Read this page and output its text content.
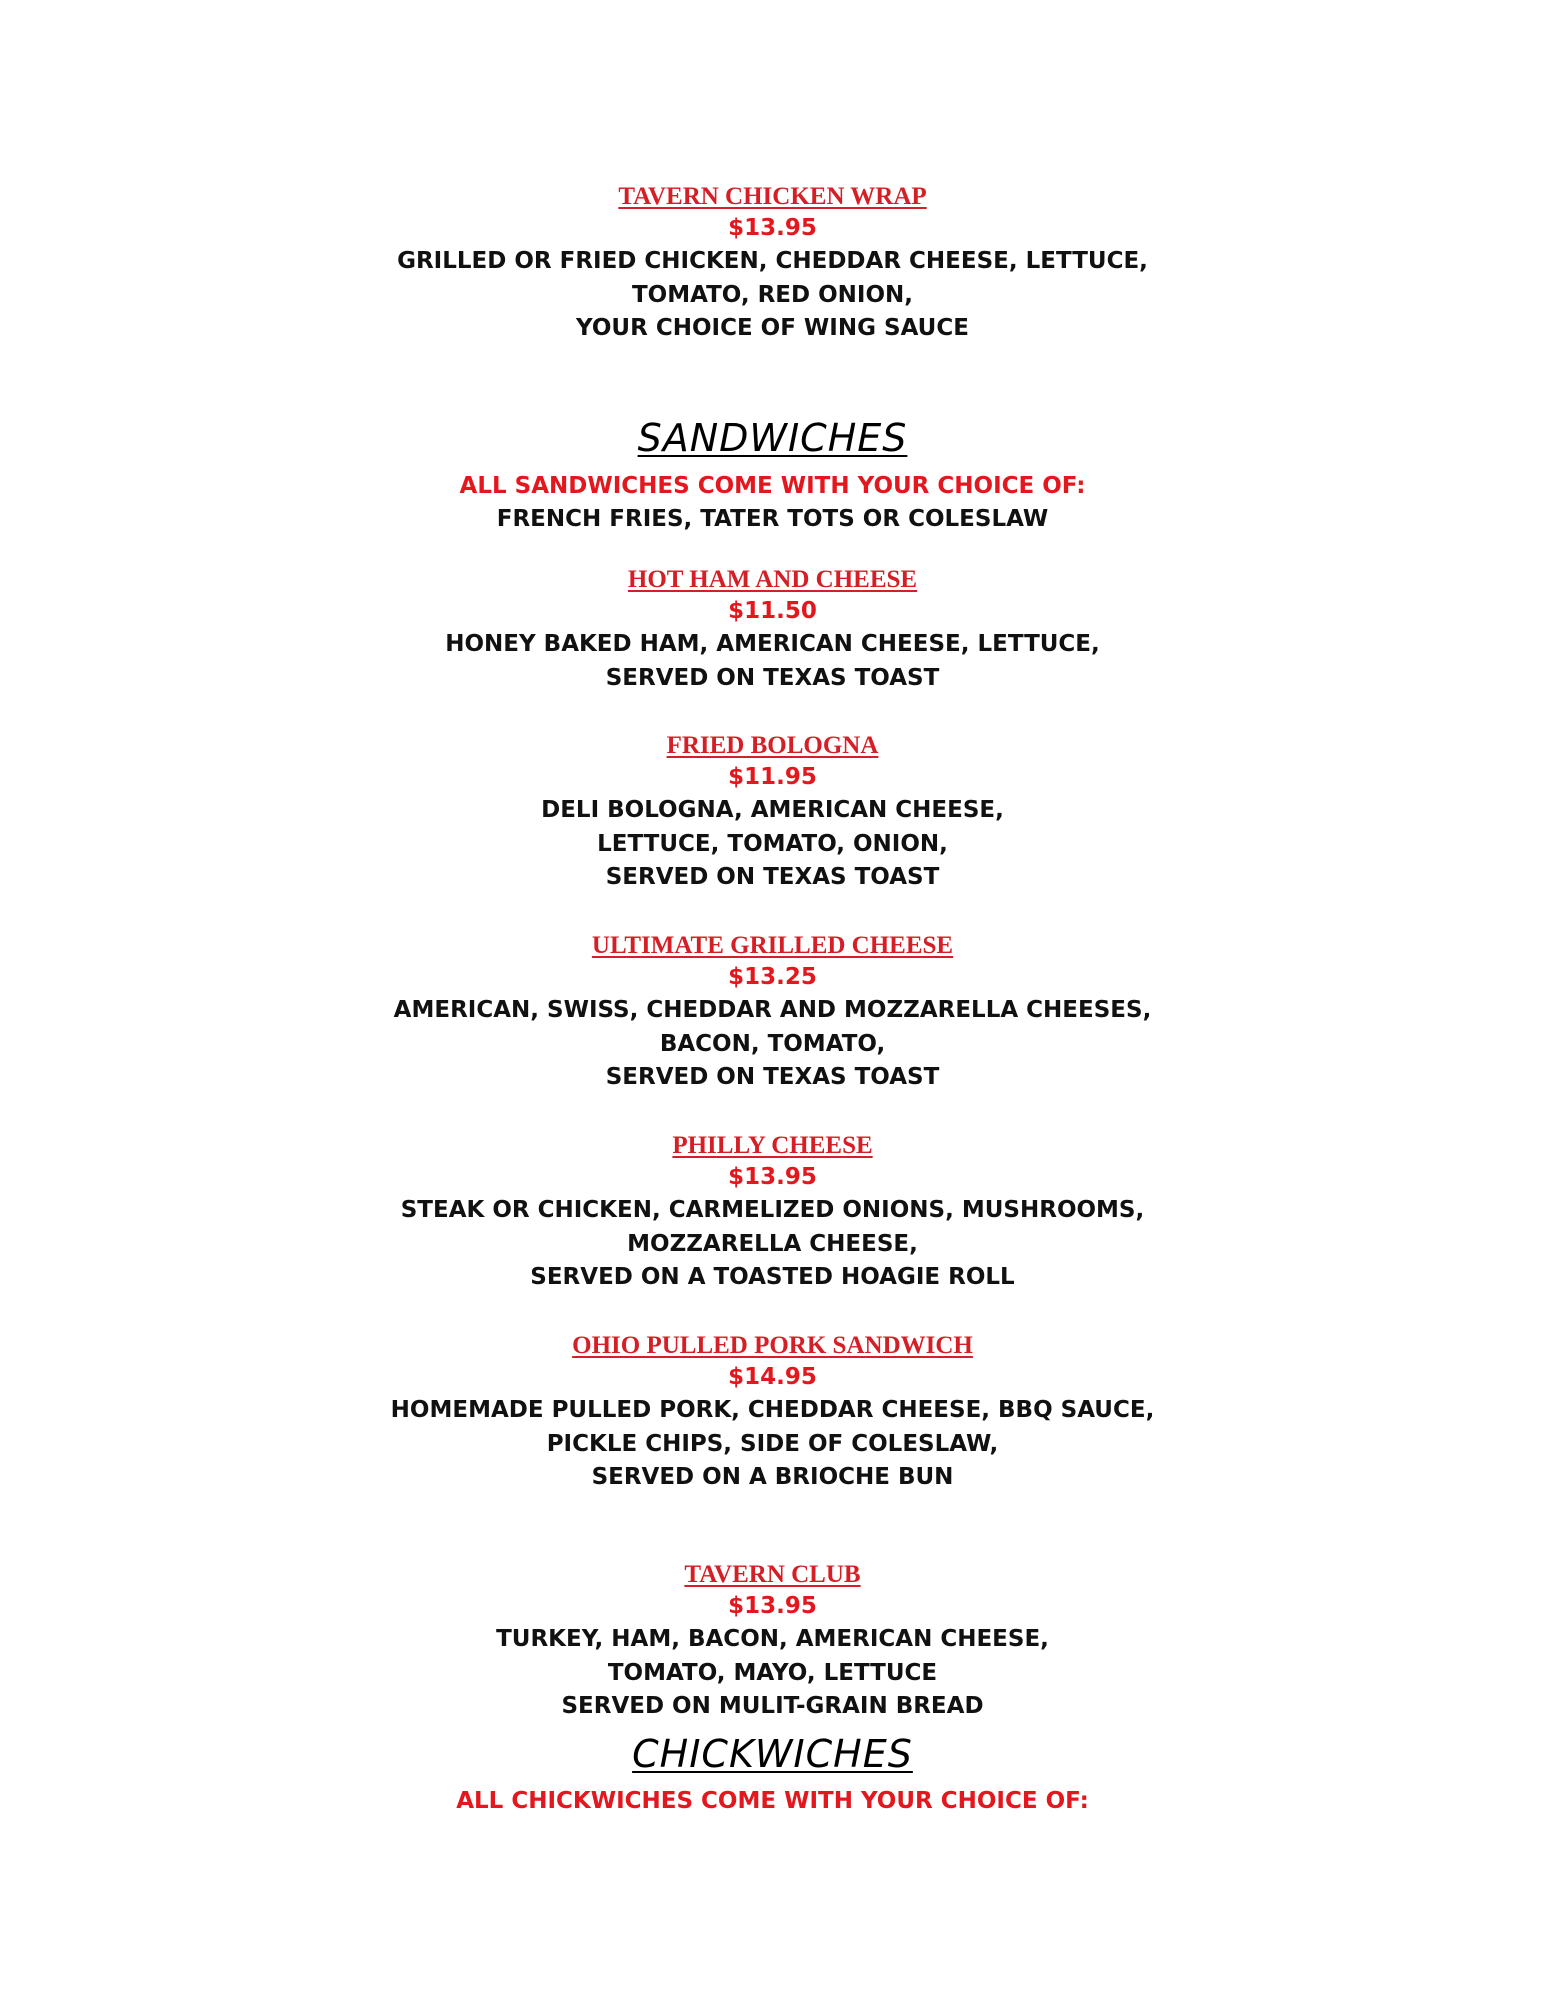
TAVERN CHICKEN WRAP
$13.95
GRILLED OR FRIED CHICKEN, CHEDDAR CHEESE, LETTUCE,
TOMATO, RED ONION,
YOUR CHOICE OF WING SAUCE
SANDWICHES
ALL SANDWICHES COME WITH YOUR CHOICE OF:
FRENCH FRIES, TATER TOTS OR COLESLAW
HOT HAM AND CHEESE
$11.50
HONEY BAKED HAM, AMERICAN CHEESE, LETTUCE,
SERVED ON TEXAS TOAST
FRIED BOLOGNA
$11.95
DELI BOLOGNA, AMERICAN CHEESE,
LETTUCE, TOMATO, ONION,
SERVED ON TEXAS TOAST
ULTIMATE GRILLED CHEESE
$13.25
AMERICAN, SWISS, CHEDDAR AND MOZZARELLA CHEESES,
BACON, TOMATO,
SERVED ON TEXAS TOAST
PHILLY CHEESE
$13.95
STEAK OR CHICKEN, CARMELIZED ONIONS, MUSHROOMS,
MOZZARELLA CHEESE,
SERVED ON A TOASTED HOAGIE ROLL
OHIO PULLED PORK SANDWICH
$14.95
HOMEMADE PULLED PORK, CHEDDAR CHEESE, BBQ SAUCE,
PICKLE CHIPS, SIDE OF COLESLAW,
SERVED ON A BRIOCHE BUN
TAVERN CLUB
$13.95
TURKEY, HAM, BACON, AMERICAN CHEESE,
TOMATO, MAYO, LETTUCE
SERVED ON MULIT-GRAIN BREAD
CHICKWICHES
ALL CHICKWICHES COME WITH YOUR CHOICE OF:
